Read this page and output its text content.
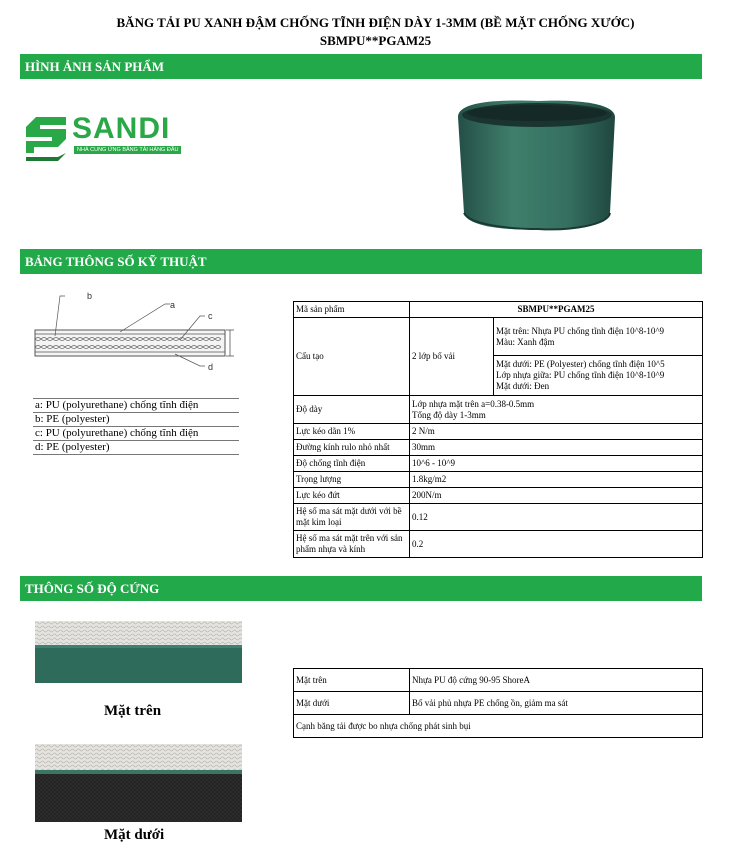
BĂNG TẢI PU XANH ĐẬM CHỐNG TĨNH ĐIỆN DÀY 1-3MM (BỀ MẶT CHỐNG XƯỚC)
SBMPU**PGAM25
HÌNH ẢNH SẢN PHẨM
SANDI
NHÀ CUNG ỨNG BĂNG TẢI HÀNG ĐẦU
BẢNG THÔNG SỐ KỸ THUẬT
b
a
c
d
a: PU (polyurethane) chống tĩnh điện
b: PE (polyester)
c: PU (polyurethane) chống tĩnh điện
d: PE (polyester)
Mã sản phẩm	SBMPU**PGAM25	
Cấu tạo	2 lớp bố vải	Mặt trên: Nhựa PU chống tĩnh điện 10^8-10^9
Màu: Xanh đậm

		Mặt dưới: PE (Polyester) chống tĩnh điện 10^5
Lớp nhựa giữa: PU chống tĩnh điện 10^8-10^9
Mặt dưới: Đen

Độ dày	Lớp nhựa mặt trên a=0.38-0.5mm
Tổng độ dày 1-3mm	

Lực kéo dãn 1%	2 N/m	
Đường kính rulo nhỏ nhất	30mm	
Độ chống tĩnh điện	10^6 - 10^9	
Trọng lượng	1.8kg/m2	
Lực kéo đứt	200N/m	
Hệ số ma sát mặt dưới với bề mặt kim loại	0.12	
Hệ số ma sát mặt trên với sản phẩm nhựa và kính	0.2	
THÔNG SỐ ĐỘ CỨNG
Mặt trên
Mặt dưới
Mặt trên	Nhựa PU độ cứng 90-95 ShoreA
Mặt dưới	Bố vải phủ nhựa PE chống ồn, giảm ma sát
Cạnh băng tải được bo nhựa chống phát sinh bụi	
